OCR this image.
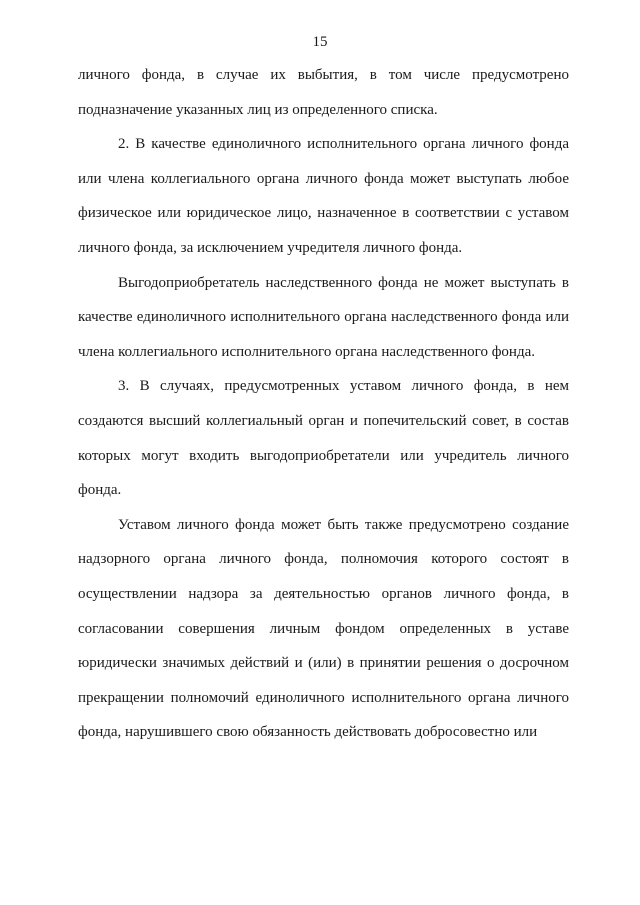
15

личного фонда, в случае их выбытия, в том числе предусмотрено подназначение указанных лиц из определенного списка.

2. В качестве единоличного исполнительного органа личного фонда или члена коллегиального органа личного фонда может выступать любое физическое или юридическое лицо, назначенное в соответствии с уставом личного фонда, за исключением учредителя личного фонда.

Выгодоприобретатель наследственного фонда не может выступать в качестве единоличного исполнительного органа наследственного фонда или члена коллегиального исполнительного органа наследственного фонда.

3. В случаях, предусмотренных уставом личного фонда, в нем создаются высший коллегиальный орган и попечительский совет, в состав которых могут входить выгодоприобретатели или учредитель личного фонда.

Уставом личного фонда может быть также предусмотрено создание надзорного органа личного фонда, полномочия которого состоят в осуществлении надзора за деятельностью органов личного фонда, в согласовании совершения личным фондом определенных в уставе юридически значимых действий и (или) в принятии решения о досрочном прекращении полномочий единоличного исполнительного органа личного фонда, нарушившего свою обязанность действовать добросовестно или
